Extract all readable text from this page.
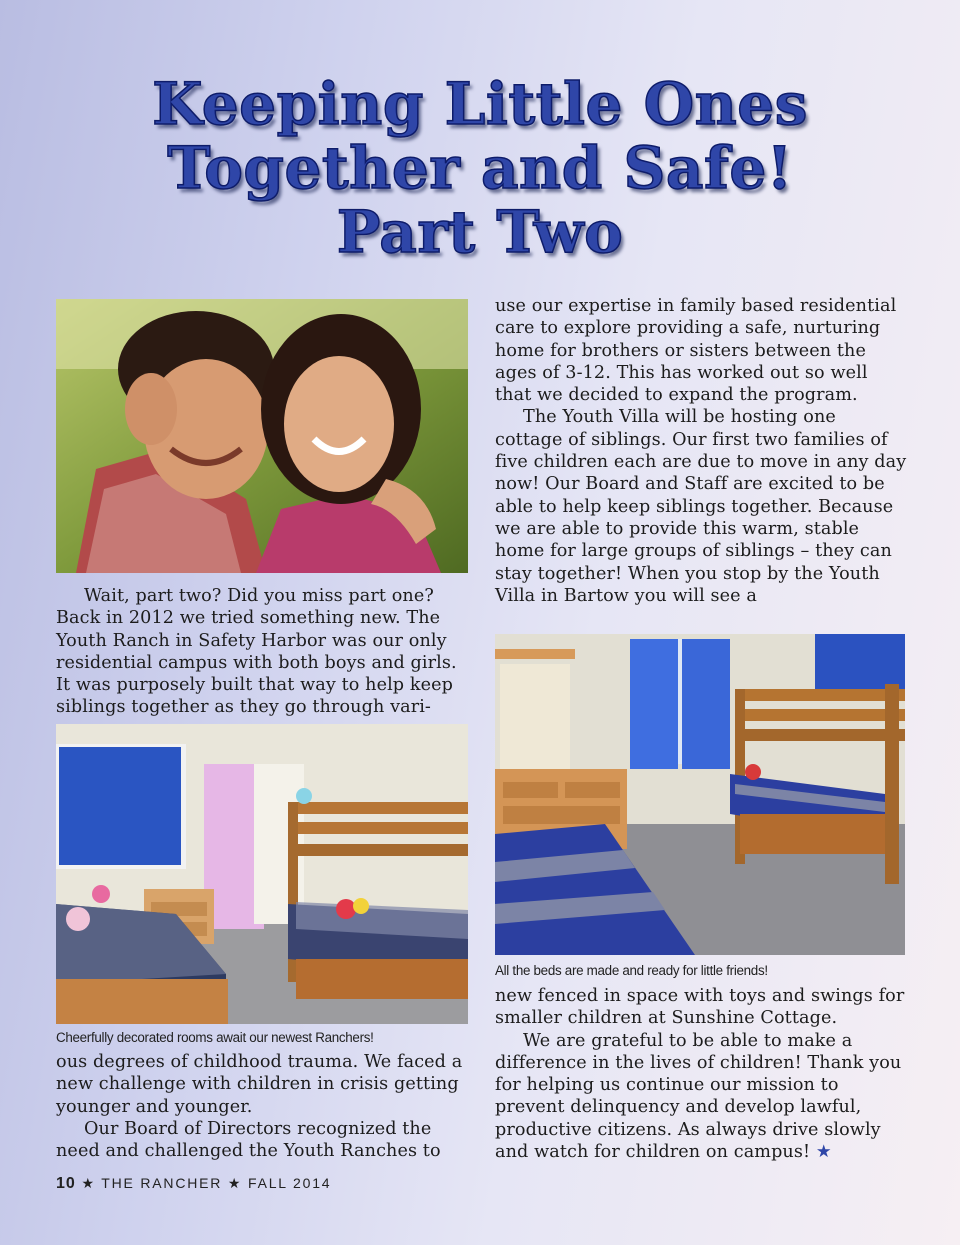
Keeping Little Ones
Together and Safe!
Part Two

Wait, part two? Did you miss part one? Back in 2012 we tried something new. The Youth Ranch in Safety Harbor was our only residential campus with both boys and girls. It was purposely built that way to help keep siblings together as they go through vari-

Cheerfully decorated rooms await our newest Ranchers!

ous degrees of childhood trauma. We faced a new challenge with children in crisis getting younger and younger.

Our Board of Directors recognized the need and challenged the Youth Ranches to

use our expertise in family based residential care to explore providing a safe, nurturing home for brothers or sisters between the ages of 3-12. This has worked out so well that we decided to expand the program.

The Youth Villa will be hosting one cottage of siblings. Our first two families of five children each are due to move in any day now! Our Board and Staff are excited to be able to help keep siblings together. Because we are able to provide this warm, stable home for large groups of siblings – they can stay together! When you stop by the Youth Villa in Bartow you will see a

All the beds are made and ready for little friends!

new fenced in space with toys and swings for smaller children at Sunshine Cottage.

We are grateful to be able to make a difference in the lives of children! Thank you for helping us continue our mission to prevent delinquency and develop lawful, productive citizens. As always drive slowly and watch for children on campus! ★

10 ★ THE RANCHER ★ FALL 2014
